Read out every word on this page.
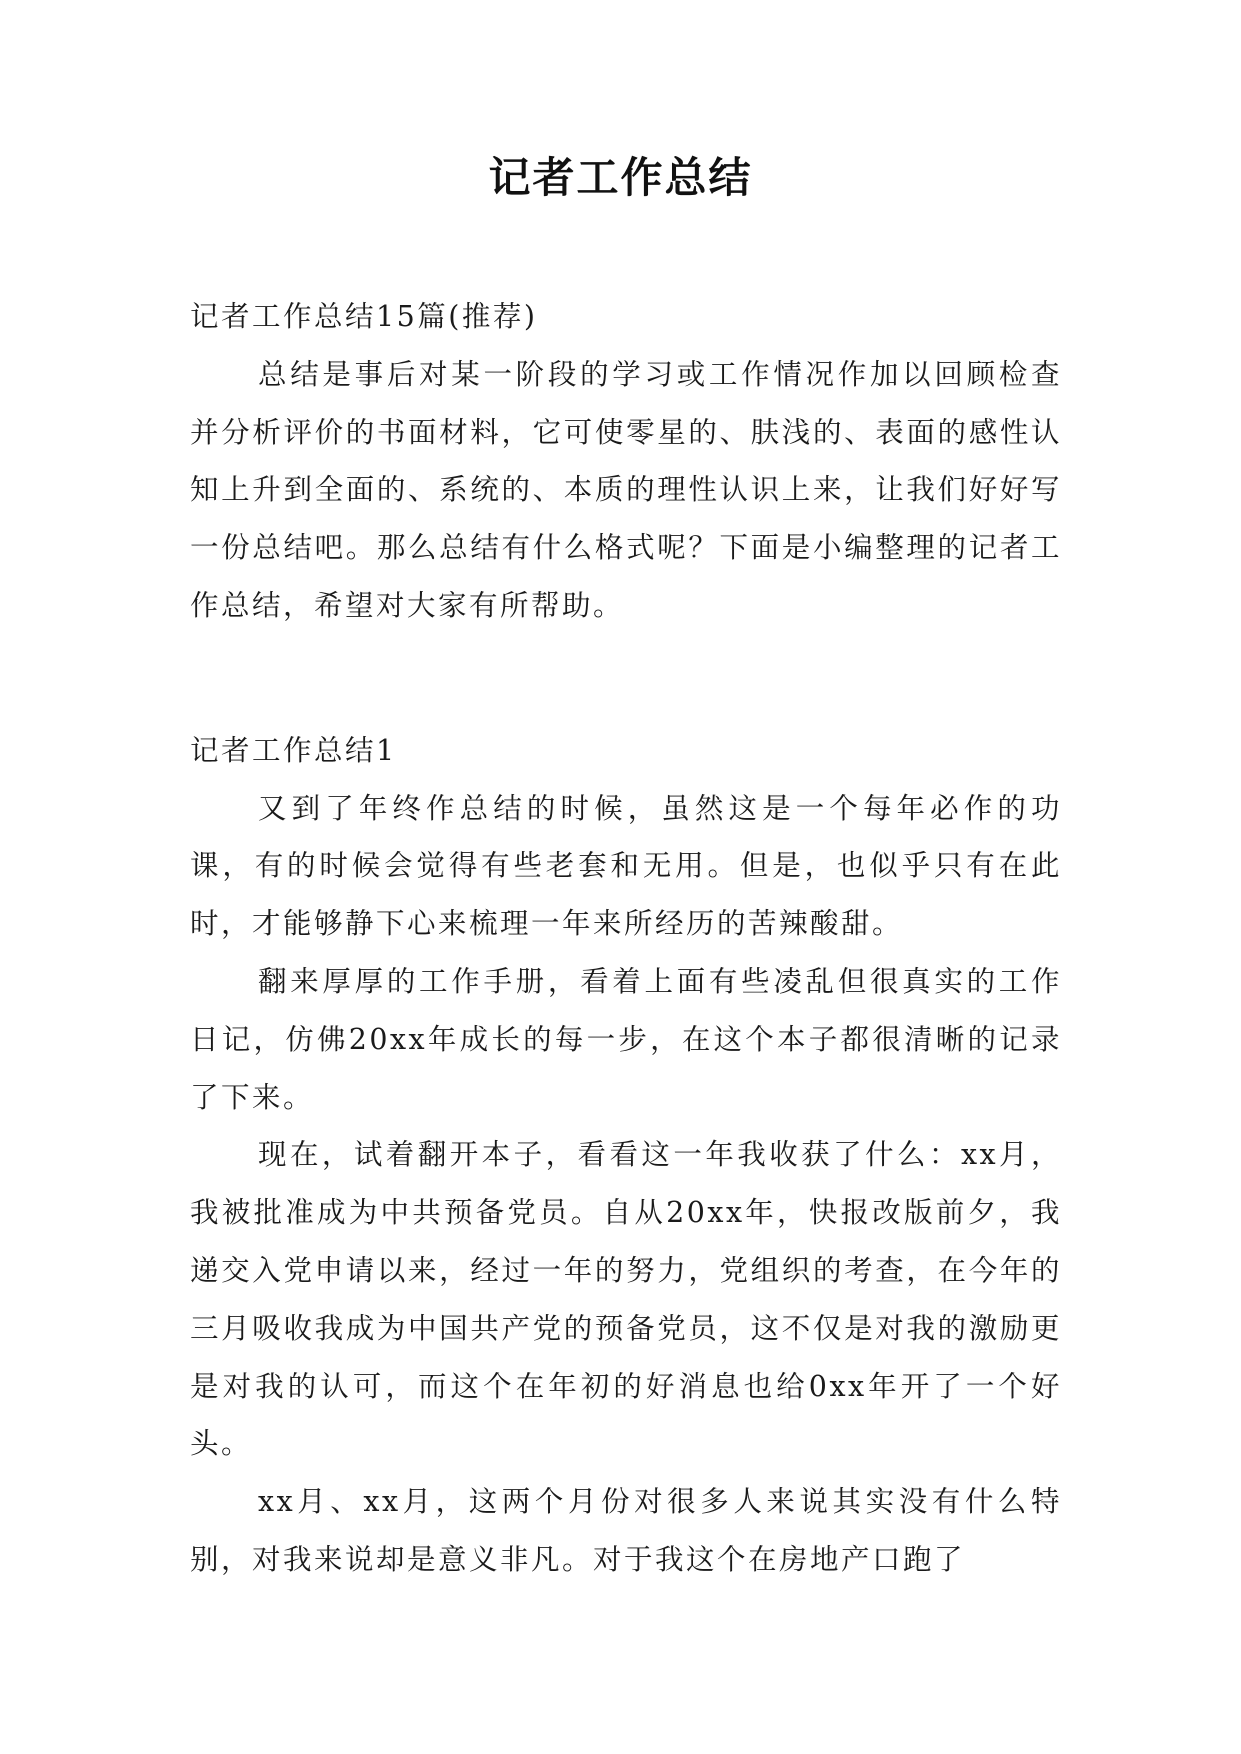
记者工作总结

记者工作总结15篇(推荐)

总结是事后对某一阶段的学习或工作情况作加以回顾检查并分析评价的书面材料，它可使零星的、肤浅的、表面的感性认知上升到全面的、系统的、本质的理性认识上来，让我们好好写一份总结吧。那么总结有什么格式呢？下面是小编整理的记者工作总结，希望对大家有所帮助。

记者工作总结1

又到了年终作总结的时候，虽然这是一个每年必作的功课，有的时候会觉得有些老套和无用。但是，也似乎只有在此时，才能够静下心来梳理一年来所经历的苦辣酸甜。

翻来厚厚的工作手册，看着上面有些凌乱但很真实的工作日记，仿佛20xx年成长的每一步，在这个本子都很清晰的记录了下来。

现在，试着翻开本子，看看这一年我收获了什么：xx月，我被批准成为中共预备党员。自从20xx年，快报改版前夕，我递交入党申请以来，经过一年的努力，党组织的考查，在今年的三月吸收我成为中国共产党的预备党员，这不仅是对我的激励更是对我的认可，而这个在年初的好消息也给0xx年开了一个好头。

xx月、xx月，这两个月份对很多人来说其实没有什么特别，对我来说却是意义非凡。对于我这个在房地产口跑了
